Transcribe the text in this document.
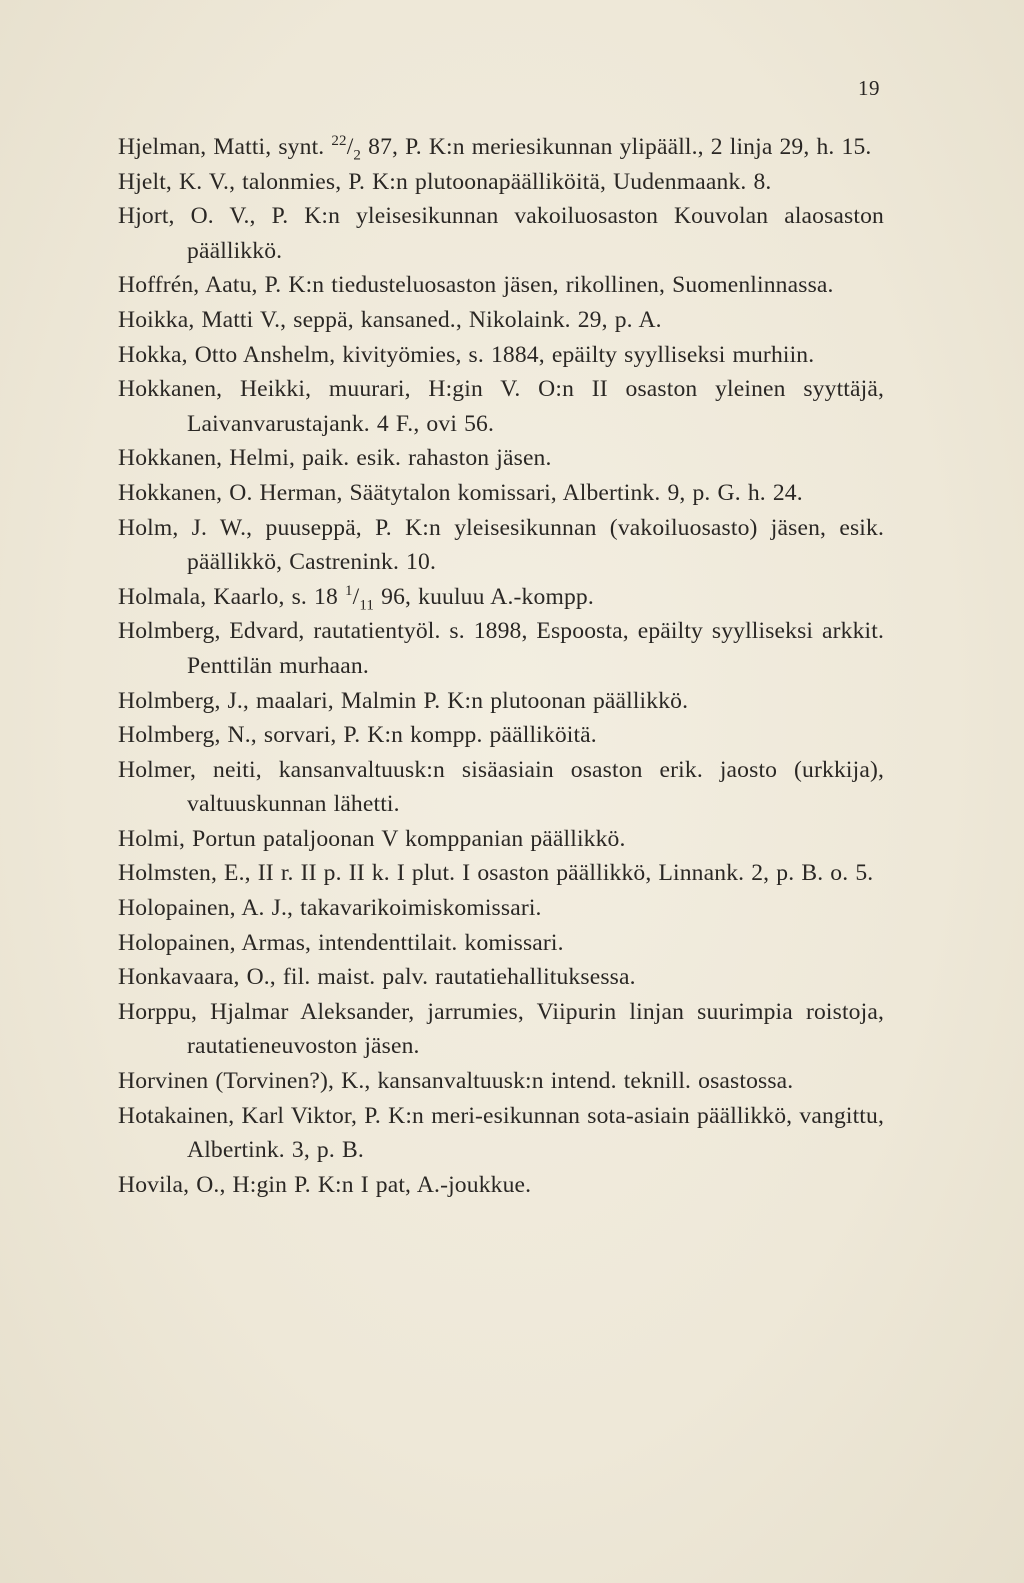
19
Hjelman, Matti, synt. $^{22}/_2$ 87, P. K:n meriesikunnan ylipääll., 2 linja 29, h. 15.
Hjelt, K. V., talonmies, P. K:n plutoonapäälliköitä, Uudenmaank. 8.
Hjort, O. V., P. K:n yleisesikunnan vakoiluosaston Kouvolan alaosaston päällikkö.
Hoffrén, Aatu, P. K:n tiedusteluosaston jäsen, rikollinen, Suomenlinnassa.
Hoikka, Matti V., seppä, kansaned., Nikolaink. 29, p. A.
Hokka, Otto Anshelm, kivityömies, s. 1884, epäilty syylliseksi murhiin.
Hokkanen, Heikki, muurari, H:gin V. O:n II osaston yleinen syyttäjä, Laivanvarustajank. 4 F., ovi 56.
Hokkanen, Helmi, paik. esik. rahaston jäsen.
Hokkanen, O. Herman, Säätytalon komissari, Albertink. 9, p. G. h. 24.
Holm, J. W., puuseppä, P. K:n yleisesikunnan (vakoiluosasto) jäsen, esik. päällikkö, Castrenink. 10.
Holmala, Kaarlo, s. 18 $^1/_{11}$ 96, kuuluu A.-kompp.
Holmberg, Edvard, rautatientyöl. s. 1898, Espoosta, epäilty syylliseksi arkkit. Penttilän murhaan.
Holmberg, J., maalari, Malmin P. K:n plutoonan päällikkö.
Holmberg, N., sorvari, P. K:n kompp. päälliköitä.
Holmer, neiti, kansanvaltuusk:n sisäasiain osaston erik. jaosto (urkkija), valtuuskunnan lähetti.
Holmi, Portun pataljoonan V komppanian päällikkö.
Holmsten, E., II r. II p. II k. I plut. I osaston päällikkö, Linnank. 2, p. B. o. 5.
Holopainen, A. J., takavarikoimiskomissari.
Holopainen, Armas, intendenttilait. komissari.
Honkavaara, O., fil. maist. palv. rautatiehallituksessa.
Horppu, Hjalmar Aleksander, jarrumies, Viipurin linjan suurimpia roistoja, rautatieneuvoston jäsen.
Horvinen (Torvinen?), K., kansanvaltuusk:n intend. teknill. osastossa.
Hotakainen, Karl Viktor, P. K:n meri-esikunnan sota-asiain päällikkö, vangittu, Albertink. 3, p. B.
Hovila, O., H:gin P. K:n I pat, A.-joukkue.
